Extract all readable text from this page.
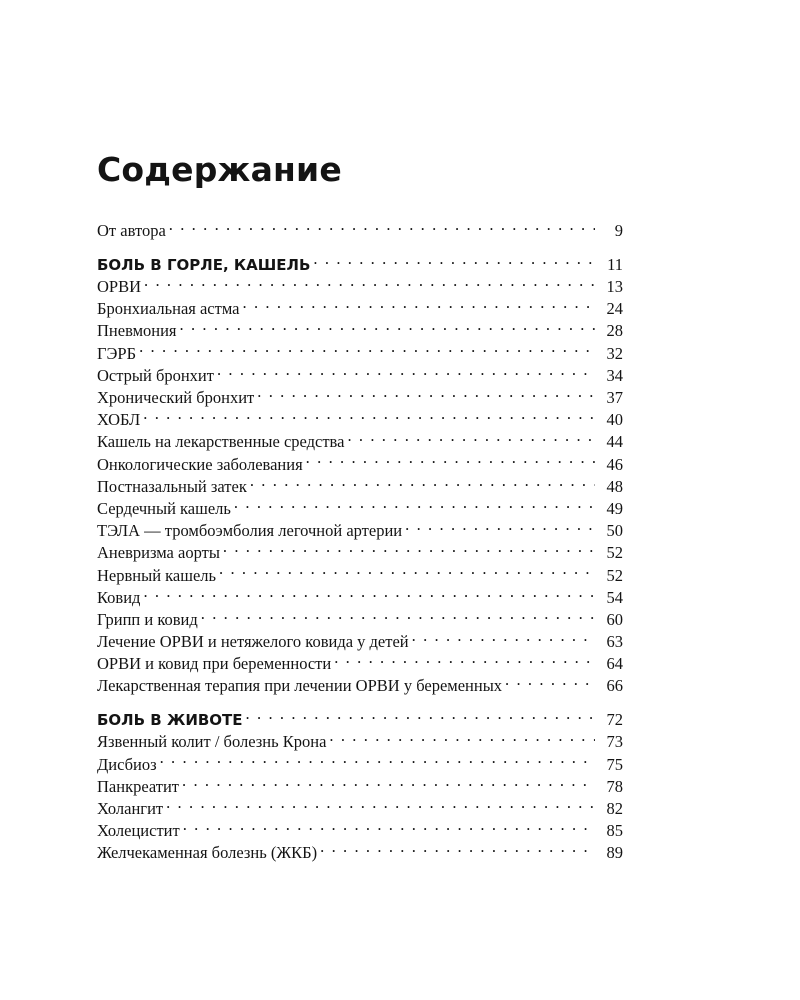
Содержание
От автора . . .	9
БОЛЬ В ГОРЛЕ, КАШЕЛЬ . . .	11
ОРВИ . . .	13
Бронхиальная астма . . .	24
Пневмония . . .	28
ГЭРБ . . .	32
Острый бронхит . . .	34
Хронический бронхит . . .	37
ХОБЛ . . .	40
Кашель на лекарственные средства . . .	44
Онкологические заболевания . . .	46
Постназальный затек . . .	48
Сердечный кашель . . .	49
ТЭЛА — тромбоэмболия легочной артерии . . .	50
Аневризма аорты . . .	52
Нервный кашель . . .	52
Ковид . . .	54
Грипп и ковид . . .	60
Лечение ОРВИ и нетяжелого ковида у детей . . .	63
ОРВИ и ковид при беременности . . .	64
Лекарственная терапия при лечении ОРВИ у беременных . . .	66
БОЛЬ В ЖИВОТЕ . . .	72
Язвенный колит / болезнь Крона . . .	73
Дисбиоз . . .	75
Панкреатит . . .	78
Холангит . . .	82
Холецистит . . .	85
Желчекаменная болезнь (ЖКБ) . . .	89
